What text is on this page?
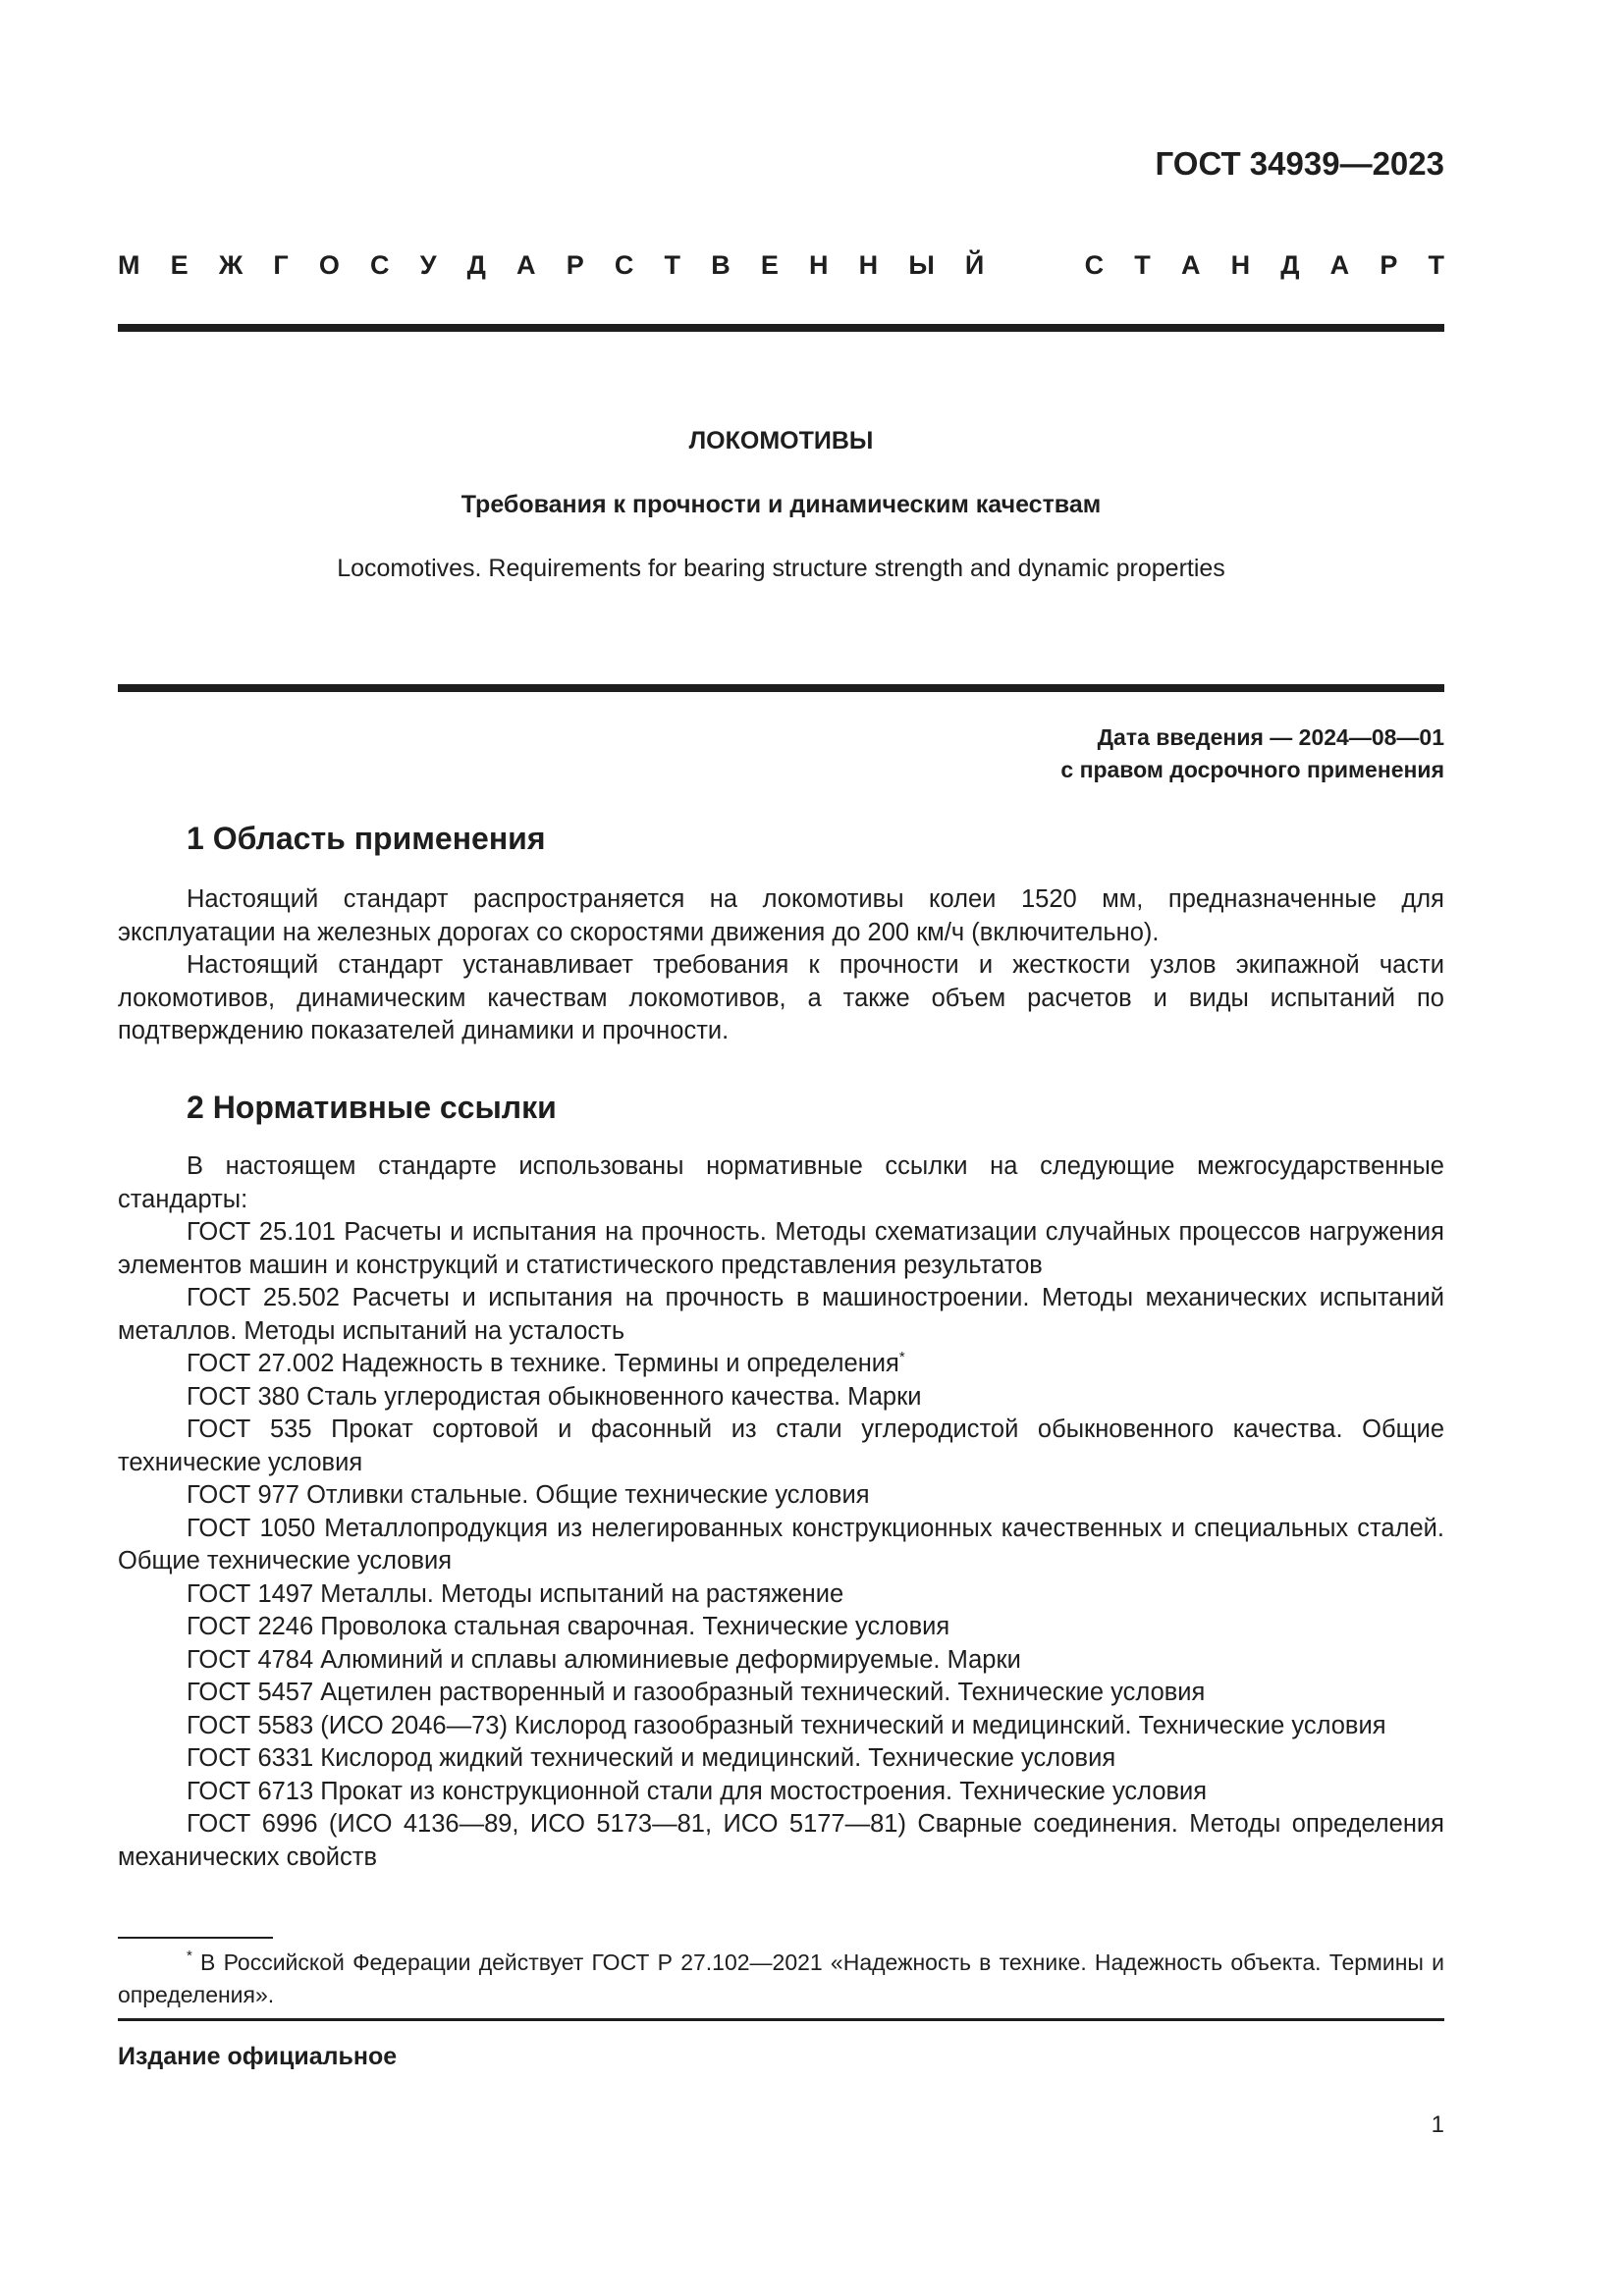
ГОСТ 34939—2023

М Е Ж Г О С У Д А Р С Т В Е Н Н Ы Й	С Т А Н Д А Р Т

ЛОКОМОТИВЫ

Требования к прочности и динамическим качествам

Locomotives. Requirements for bearing structure strength and dynamic properties

Дата введения — 2024—08—01
с правом досрочного применения
1 Область применения

Настоящий стандарт распространяется на локомотивы колеи 1520 мм, предназначенные для эксплуатации на железных дорогах со скоростями движения до 200 км/ч (включительно).

Настоящий стандарт устанавливает требования к прочности и жесткости узлов экипажной части локомотивов, динамическим качествам локомотивов, а также объем расчетов и виды испытаний по подтверждению показателей динамики и прочности.

2 Нормативные ссылки

В настоящем стандарте использованы нормативные ссылки на следующие межгосударственные стандарты:

ГОСТ 25.101 Расчеты и испытания на прочность. Методы схематизации случайных процессов нагружения элементов машин и конструкций и статистического представления результатов

ГОСТ 25.502 Расчеты и испытания на прочность в машиностроении. Методы механических испытаний металлов. Методы испытаний на усталость

ГОСТ 27.002 Надежность в технике. Термины и определения*

ГОСТ 380 Сталь углеродистая обыкновенного качества. Марки

ГОСТ 535 Прокат сортовой и фасонный из стали углеродистой обыкновенного качества. Общие технические условия

ГОСТ 977 Отливки стальные. Общие технические условия

ГОСТ 1050 Металлопродукция из нелегированных конструкционных качественных и специальных сталей. Общие технические условия

ГОСТ 1497 Металлы. Методы испытаний на растяжение

ГОСТ 2246 Проволока стальная сварочная. Технические условия

ГОСТ 4784 Алюминий и сплавы алюминиевые деформируемые. Марки

ГОСТ 5457 Ацетилен растворенный и газообразный технический. Технические условия

ГОСТ 5583 (ИСО 2046—73) Кислород газообразный технический и медицинский. Технические условия

ГОСТ 6331 Кислород жидкий технический и медицинский. Технические условия

ГОСТ 6713 Прокат из конструкционной стали для мостостроения. Технические условия

ГОСТ 6996 (ИСО 4136—89, ИСО 5173—81, ИСО 5177—81) Сварные соединения. Методы определения механических свойств

* В Российской Федерации действует ГОСТ Р 27.102—2021 «Надежность в технике. Надежность объекта. Термины и определения».

Издание официальное

1
